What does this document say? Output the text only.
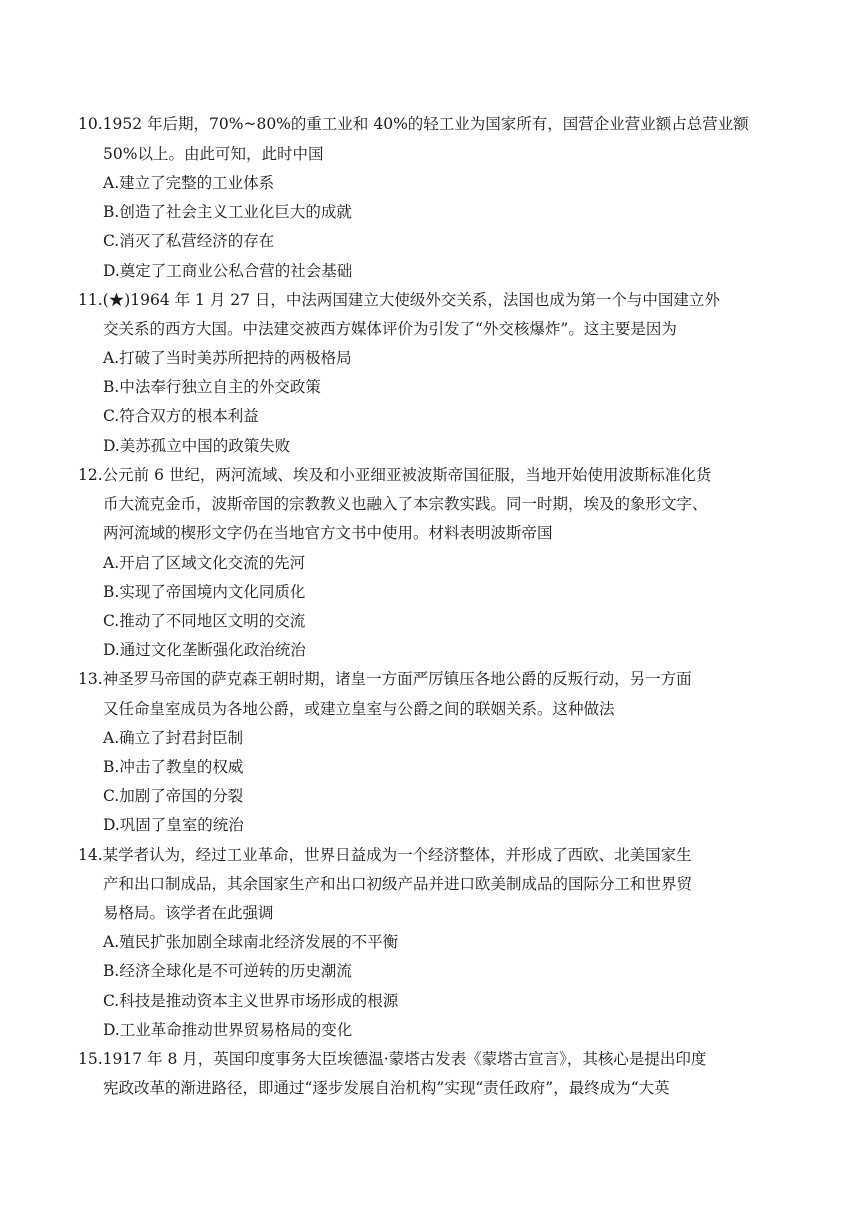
10.1952 年后期，70%~80%的重工业和 40%的轻工业为国家所有，国营企业营业额占总营业额
50%以上。由此可知，此时中国
A.建立了完整的工业体系
B.创造了社会主义工业化巨大的成就
C.消灭了私营经济的存在
D.奠定了工商业公私合营的社会基础
11.(★)1964 年 1 月 27 日，中法两国建立大使级外交关系，法国也成为第一个与中国建立外
交关系的西方大国。中法建交被西方媒体评价为引发了“外交核爆炸”。这主要是因为
A.打破了当时美苏所把持的两极格局
B.中法奉行独立自主的外交政策
C.符合双方的根本利益
D.美苏孤立中国的政策失败
12.公元前 6 世纪，两河流域、埃及和小亚细亚被波斯帝国征服，当地开始使用波斯标准化货
币大流克金币，波斯帝国的宗教教义也融入了本宗教实践。同一时期，埃及的象形文字、
两河流域的楔形文字仍在当地官方文书中使用。材料表明波斯帝国
A.开启了区域文化交流的先河
B.实现了帝国境内文化同质化
C.推动了不同地区文明的交流
D.通过文化垄断强化政治统治
13.神圣罗马帝国的萨克森王朝时期，诸皇一方面严厉镇压各地公爵的反叛行动，另一方面
又任命皇室成员为各地公爵，或建立皇室与公爵之间的联姻关系。这种做法
A.确立了封君封臣制
B.冲击了教皇的权威
C.加剧了帝国的分裂
D.巩固了皇室的统治
14.某学者认为，经过工业革命，世界日益成为一个经济整体，并形成了西欧、北美国家生
产和出口制成品，其余国家生产和出口初级产品并进口欧美制成品的国际分工和世界贸
易格局。该学者在此强调
A.殖民扩张加剧全球南北经济发展的不平衡
B.经济全球化是不可逆转的历史潮流
C.科技是推动资本主义世界市场形成的根源
D.工业革命推动世界贸易格局的变化
15.1917 年 8 月，英国印度事务大臣埃德温·蒙塔古发表《蒙塔古宣言》，其核心是提出印度
宪政改革的渐进路径，即通过“逐步发展自治机构”实现“责任政府”，最终成为“大英
